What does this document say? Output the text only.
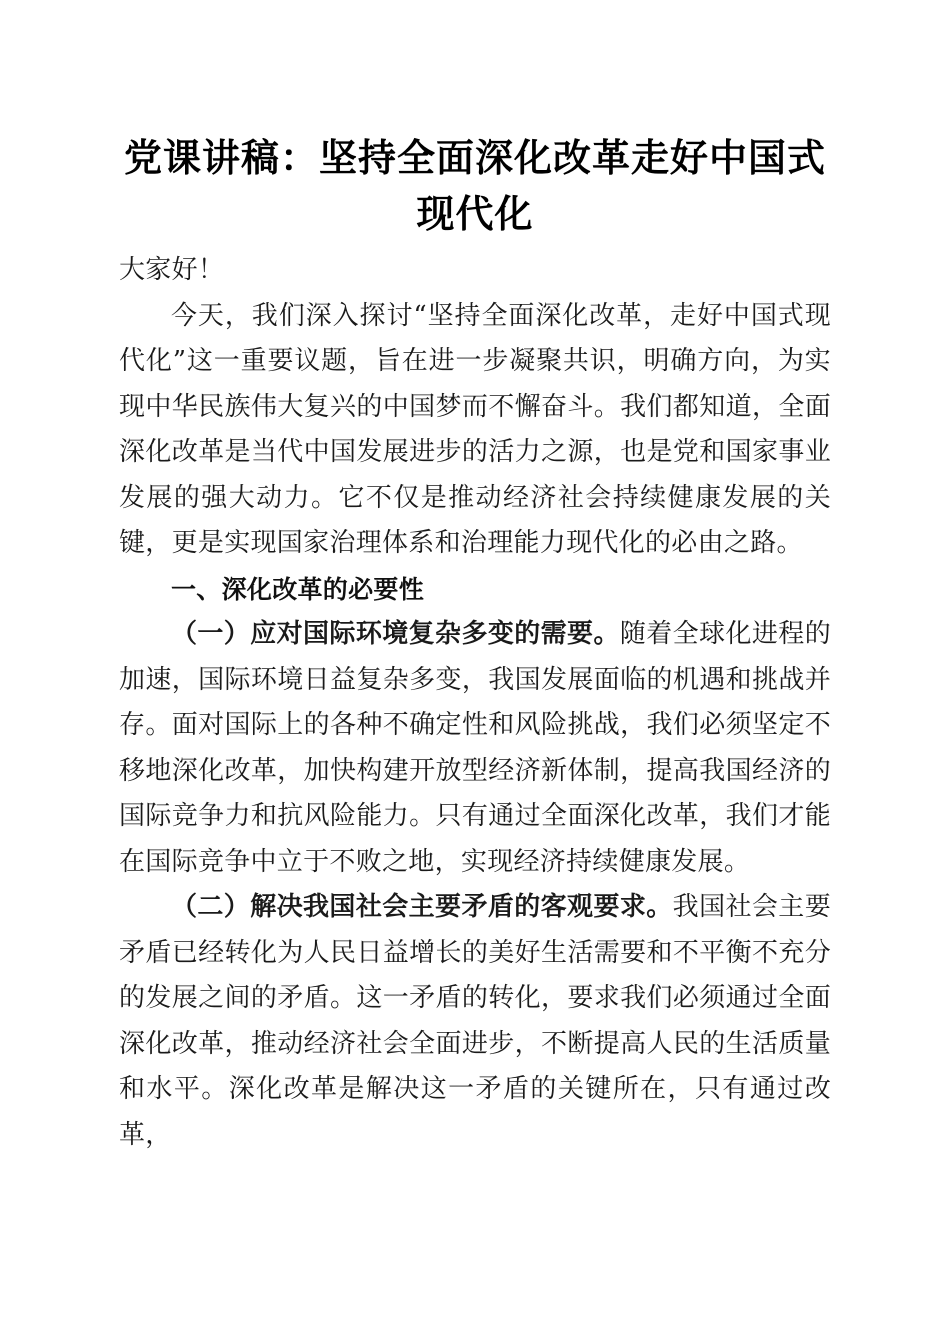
党课讲稿：坚持全面深化改革走好中国式现代化

大家好！

今天，我们深入探讨“坚持全面深化改革，走好中国式现代化”这一重要议题，旨在进一步凝聚共识，明确方向，为实现中华民族伟大复兴的中国梦而不懈奋斗。我们都知道，全面深化改革是当代中国发展进步的活力之源，也是党和国家事业发展的强大动力。它不仅是推动经济社会持续健康发展的关键，更是实现国家治理体系和治理能力现代化的必由之路。

一、深化改革的必要性

（一）应对国际环境复杂多变的需要。随着全球化进程的加速，国际环境日益复杂多变，我国发展面临的机遇和挑战并存。面对国际上的各种不确定性和风险挑战，我们必须坚定不移地深化改革，加快构建开放型经济新体制，提高我国经济的国际竞争力和抗风险能力。只有通过全面深化改革，我们才能在国际竞争中立于不败之地，实现经济持续健康发展。

（二）解决我国社会主要矛盾的客观要求。我国社会主要矛盾已经转化为人民日益增长的美好生活需要和不平衡不充分的发展之间的矛盾。这一矛盾的转化，要求我们必须通过全面深化改革，推动经济社会全面进步，不断提高人民的生活质量和水平。深化改革是解决这一矛盾的关键所在，只有通过改革，
